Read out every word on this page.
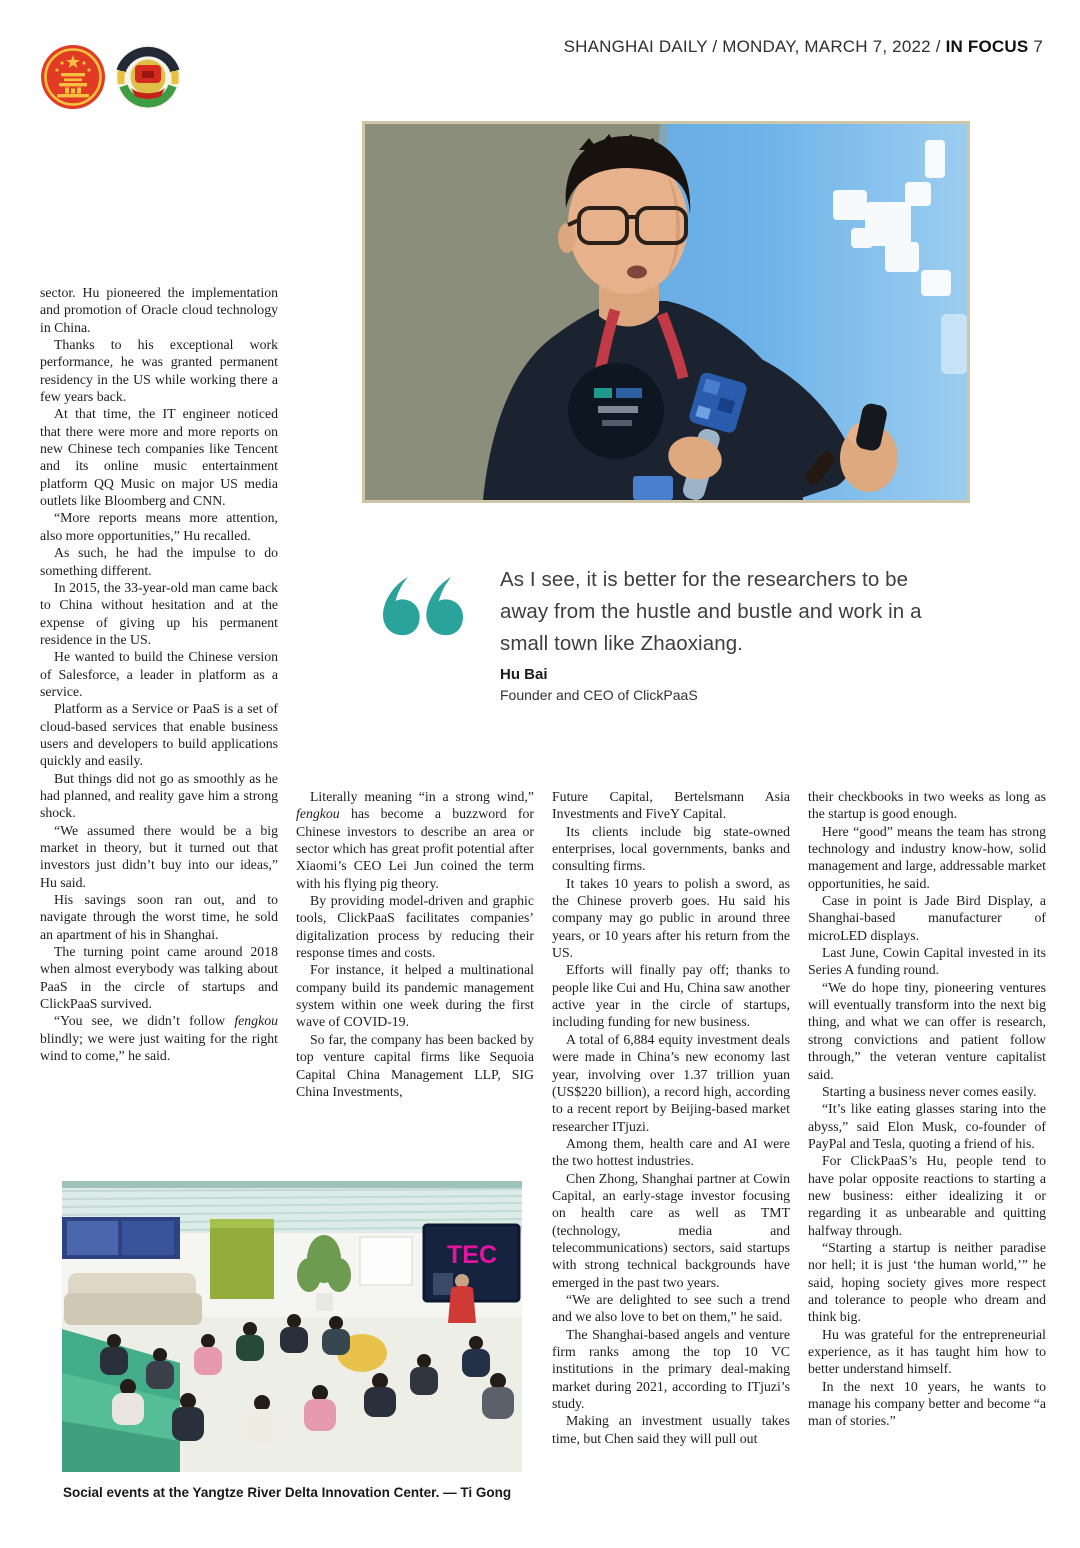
SHANGHAI DAILY / MONDAY, MARCH 7, 2022 / IN FOCUS 7
As I see, it is better for the researchers to be away from the hustle and bustle and work in a small town like Zhaoxiang.
Hu Bai
Founder and CEO of ClickPaaS

sector. Hu pioneered the implementation and promotion of Oracle cloud technology in China.

Thanks to his exceptional work performance, he was granted permanent residency in the US while working there a few years back.

At that time, the IT engineer noticed that there were more and more reports on new Chinese tech companies like Tencent and its online music entertainment platform QQ Music on major US media outlets like Bloomberg and CNN.

“More reports means more attention, also more opportunities,” Hu recalled.

As such, he had the impulse to do something different.

In 2015, the 33-year-old man came back to China without hesitation and at the expense of giving up his permanent residence in the US.

He wanted to build the Chinese version of Salesforce, a leader in platform as a service.

Platform as a Service or PaaS is a set of cloud-based services that enable business users and developers to build applications quickly and easily.

But things did not go as smoothly as he had planned, and reality gave him a strong shock.

“We assumed there would be a big market in theory, but it turned out that investors just didn’t buy into our ideas,” Hu said.

His savings soon ran out, and to navigate through the worst time, he sold an apartment of his in Shanghai.

The turning point came around 2018 when almost everybody was talking about PaaS in the circle of startups and ClickPaaS survived.

“You see, we didn’t follow fengkou blindly; we were just waiting for the right wind to come,” he said.

Literally meaning “in a strong wind,” fengkou has become a buzzword for Chinese investors to describe an area or sector which has great profit potential after Xiaomi’s CEO Lei Jun coined the term with his flying pig theory.

By providing model-driven and graphic tools, ClickPaaS facilitates companies’ digitalization process by reducing their response times and costs.

For instance, it helped a multinational company build its pandemic management system within one week during the first wave of COVID-19.

So far, the company has been backed by top venture capital firms like Sequoia Capital China Management LLP, SIG China Investments,

Future Capital, Bertelsmann Asia Investments and FiveY Capital.

Its clients include big state-owned enterprises, local governments, banks and consulting firms.

It takes 10 years to polish a sword, as the Chinese proverb goes. Hu said his company may go public in around three years, or 10 years after his return from the US.

Efforts will finally pay off; thanks to people like Cui and Hu, China saw another active year in the circle of startups, including funding for new business.

A total of 6,884 equity investment deals were made in China’s new economy last year, involving over 1.37 trillion yuan (US$220 billion), a record high, according to a recent report by Beijing-based market researcher ITjuzi.

Among them, health care and AI were the two hottest industries.

Chen Zhong, Shanghai partner at Cowin Capital, an early-stage investor focusing on health care as well as TMT (technology, media and telecommunications) sectors, said startups with strong technical backgrounds have emerged in the past two years.

“We are delighted to see such a trend and we also love to bet on them,” he said.

The Shanghai-based angels and venture firm ranks among the top 10 VC institutions in the primary deal-making market during 2021, according to ITjuzi’s study.

Making an investment usually takes time, but Chen said they will pull out

their checkbooks in two weeks as long as the startup is good enough.

Here “good” means the team has strong technology and industry know-how, solid management and large, addressable market opportunities, he said.

Case in point is Jade Bird Display, a Shanghai-based manufacturer of microLED displays.

Last June, Cowin Capital invested in its Series A funding round.

“We do hope tiny, pioneering ventures will eventually transform into the next big thing, and what we can offer is research, strong convictions and patient follow through,” the veteran venture capitalist said.

Starting a business never comes easily.

“It’s like eating glasses staring into the abyss,” said Elon Musk, co-founder of PayPal and Tesla, quoting a friend of his.

For ClickPaaS’s Hu, people tend to have polar opposite reactions to starting a new business: either idealizing it or regarding it as unbearable and quitting halfway through.

“Starting a startup is neither paradise nor hell; it is just ‘the human world,’” he said, hoping society gives more respect and tolerance to people who dream and think big.

Hu was grateful for the entrepreneurial experience, as it has taught him how to better understand himself.

In the next 10 years, he wants to manage his company better and become “a man of stories.”

TEC
Social events at the Yangtze River Delta Innovation Center. — Ti Gong
